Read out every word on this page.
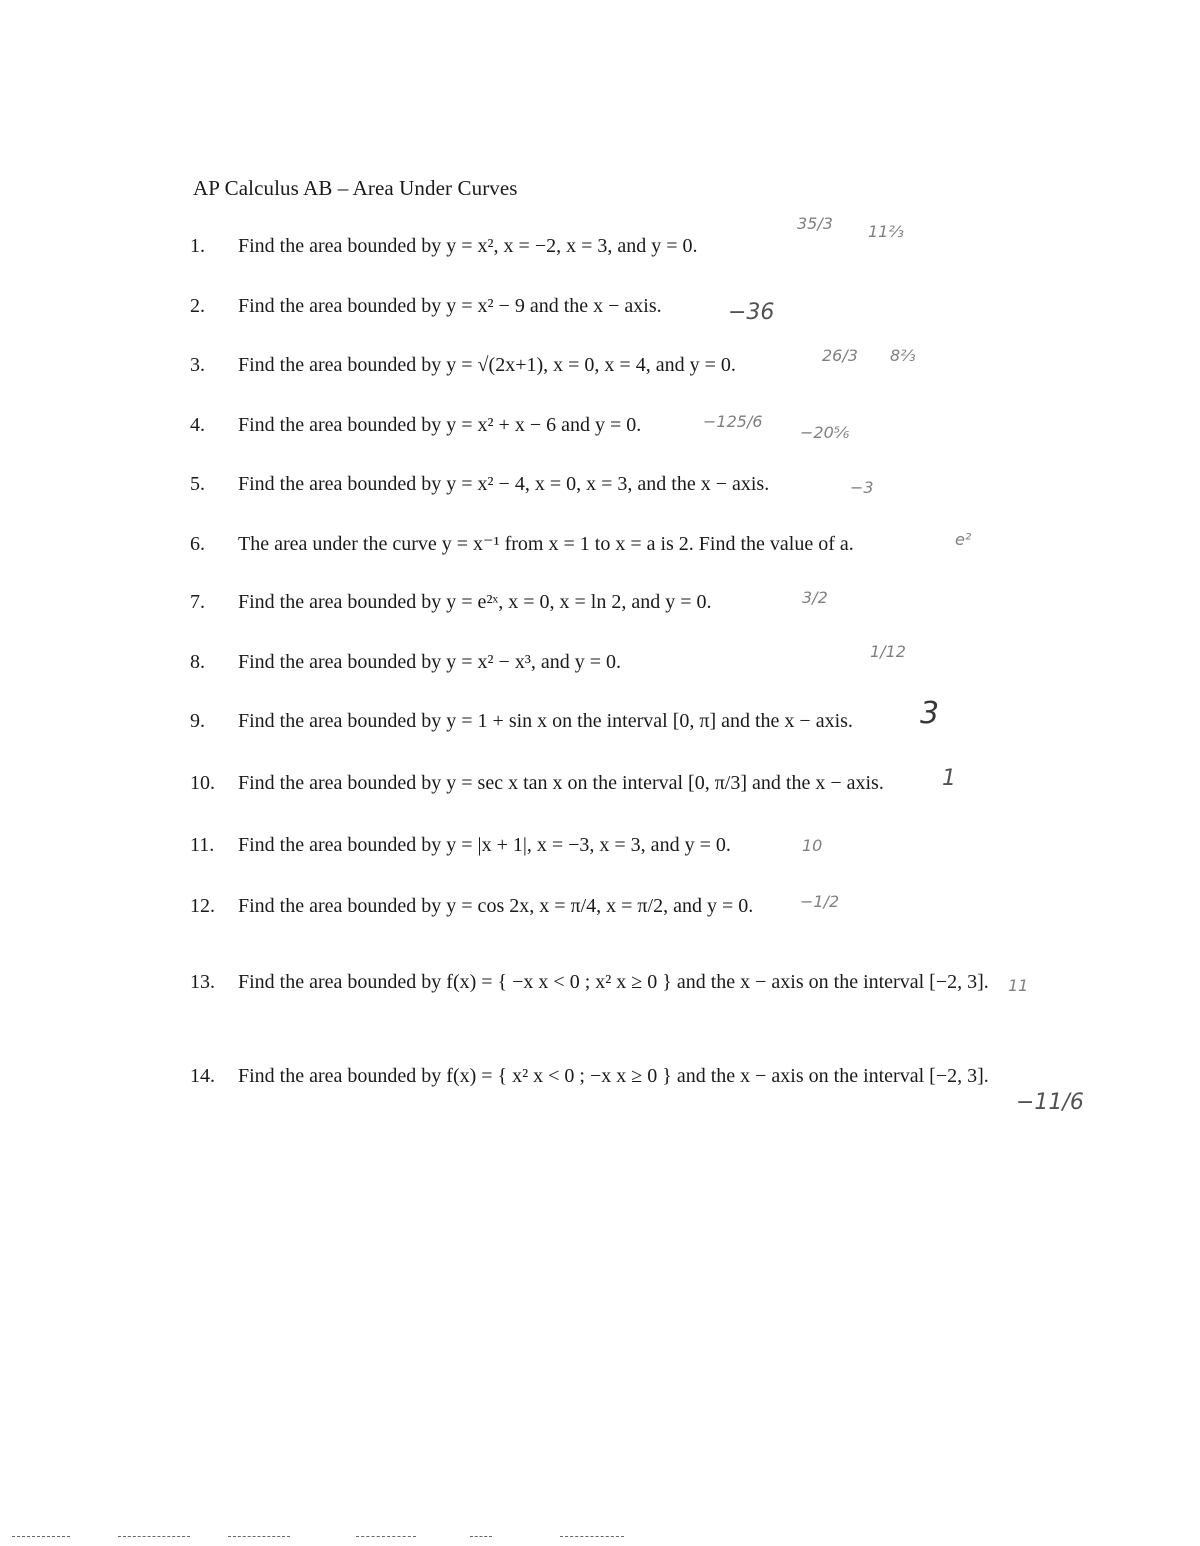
AP Calculus AB – Area Under Curves
1. Find the area bounded by y = x², x = −2, x = 3, and y = 0.
2. Find the area bounded by y = x² − 9 and the x − axis.
3. Find the area bounded by y = √(2x+1), x = 0, x = 4, and y = 0.
4. Find the area bounded by y = x² + x − 6 and y = 0.
5. Find the area bounded by y = x² − 4, x = 0, x = 3, and the x − axis.
6. The area under the curve y = x⁻¹ from x = 1 to x = a is 2. Find the value of a.
7. Find the area bounded by y = e²ˣ, x = 0, x = ln 2, and y = 0.
8. Find the area bounded by y = x² − x³, and y = 0.
9. Find the area bounded by y = 1 + sin x on the interval [0, π] and the x − axis.
10. Find the area bounded by y = sec x tan x on the interval [0, π/3] and the x − axis.
11. Find the area bounded by y = |x + 1|, x = −3, x = 3, and y = 0.
12. Find the area bounded by y = cos 2x, x = π/4, x = π/2, and y = 0.
13. Find the area bounded by f(x) = { −x x < 0 ; x² x ≥ 0 } and the x − axis on the interval [−2, 3].
14. Find the area bounded by f(x) = { x² x < 0 ; −x x ≥ 0 } and the x − axis on the interval [−2, 3].
35/3 11⅔
−36
26/3 8⅔
−125/6
−20⅚
−3
e²
3/2
1/12
3
1
10
−1/2
11
−11/6
